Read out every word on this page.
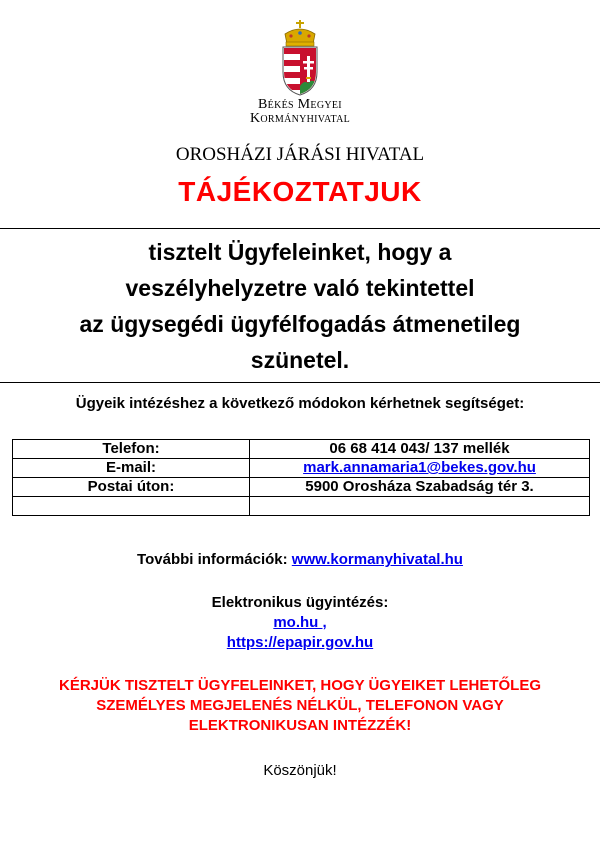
Békés Megyei
Kormányhivatal
OROSHÁZI JÁRÁSI HIVATAL
TÁJÉKOZTATJUK
tisztelt Ügyfeleinket, hogy a
veszélyhelyzetre való tekintettel
az ügysegédi ügyfélfogadás átmenetileg
szünetel.
Ügyeik intézéshez a következő módokon kérhetnek segítséget:
Telefon:	06 68 414 043/ 137 mellék
E-mail:	mark.annamaria1@bekes.gov.hu
Postai úton:	5900 Orosháza Szabadság tér 3.

További információk: www.kormanyhivatal.hu
Elektronikus ügyintézés:
mo.hu ,
https://epapir.gov.hu
KÉRJÜK TISZTELT ÜGYFELEINKET, HOGY ÜGYEIKET LEHETŐLEG
SZEMÉLYES MEGJELENÉS NÉLKÜL, TELEFONON VAGY
ELEKTRONIKUSAN INTÉZZÉK!
Köszönjük!
